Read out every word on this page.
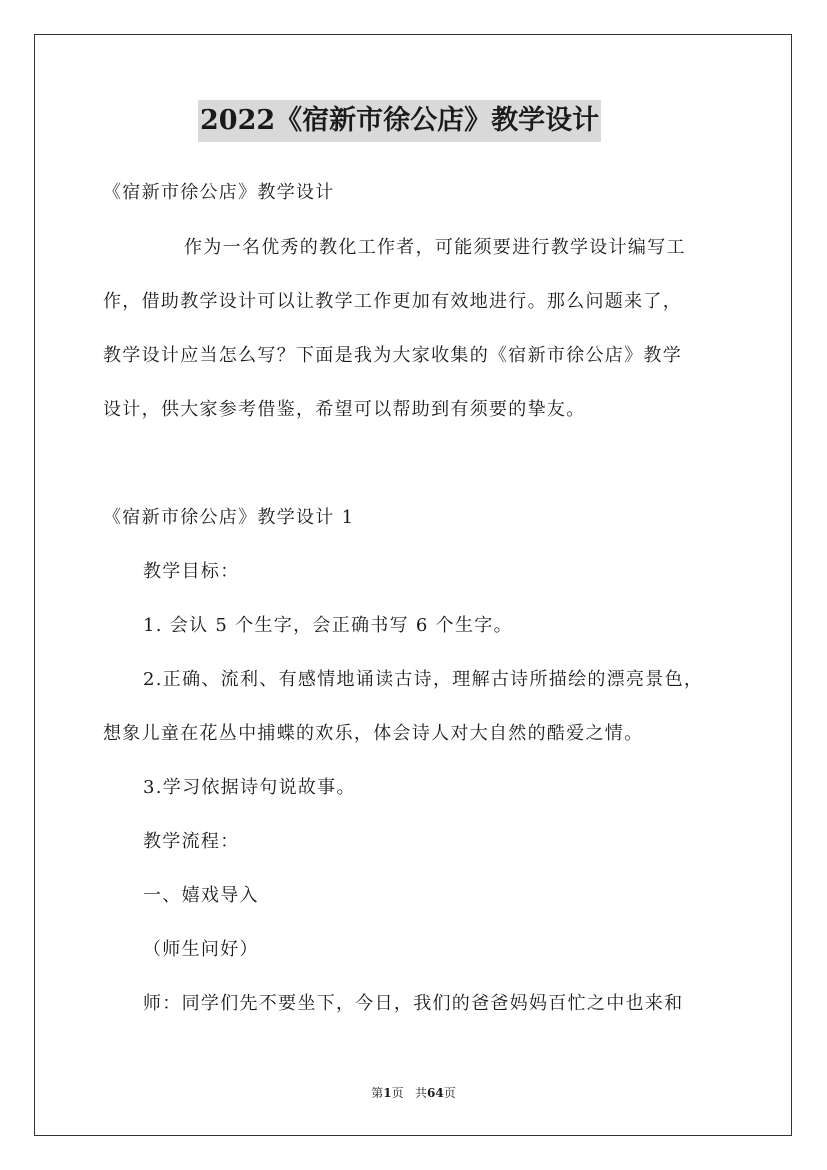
2022《宿新市徐公店》教学设计
《宿新市徐公店》教学设计
作为一名优秀的教化工作者，可能须要进行教学设计编写工
作，借助教学设计可以让教学工作更加有效地进行。那么问题来了，
教学设计应当怎么写？下面是我为大家收集的《宿新市徐公店》教学
设计，供大家参考借鉴，希望可以帮助到有须要的挚友。
《宿新市徐公店》教学设计 1
教学目标：
1. 会认 5 个生字，会正确书写 6 个生字。
2.正确、流利、有感情地诵读古诗，理解古诗所描绘的漂亮景色，
想象儿童在花丛中捕蝶的欢乐，体会诗人对大自然的酷爱之情。
3.学习依据诗句说故事。
教学流程：
一、嬉戏导入
（师生问好）
师：同学们先不要坐下，今日，我们的爸爸妈妈百忙之中也来和
第1页   共64页
